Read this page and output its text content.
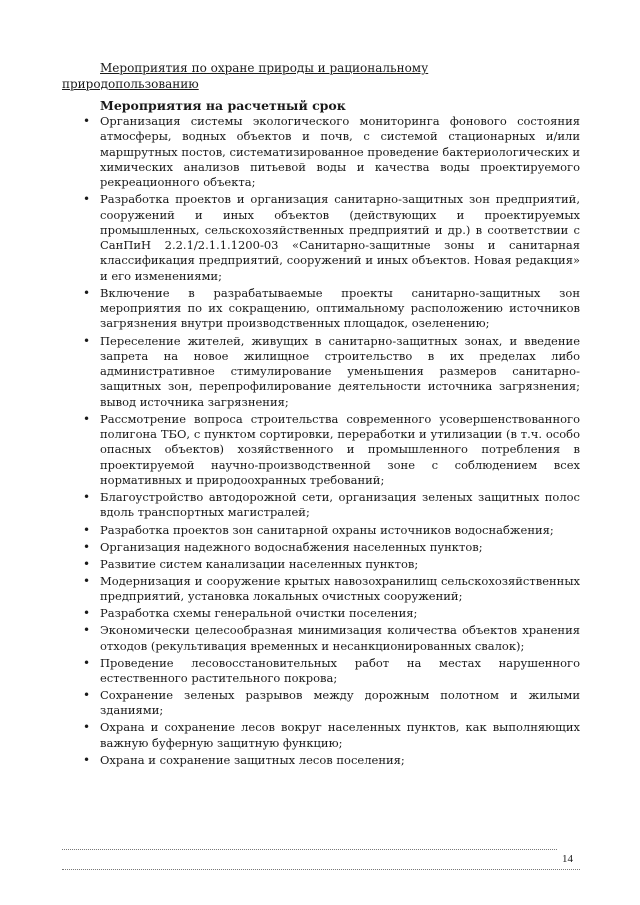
Мероприятия по охране природы и рациональному
природопользованию
Мероприятия на расчетный срок
• Организация системы экологического мониторинга фонового состояния атмосферы, водных объектов и почв, с системой стационарных и/или маршрутных постов, систематизированное проведение бактериологических и химических анализов питьевой воды и качества воды проектируемого рекреационного объекта;
• Разработка проектов и организация санитарно-защитных зон предприятий, сооружений и иных объектов (действующих и проектируемых промышленных, сельскохозяйственных предприятий и др.) в соответствии с СанПиН 2.2.1/2.1.1.1200-03 «Санитарно-защитные зоны и санитарная классификация предприятий, сооружений и иных объектов. Новая редакция» и его изменениями;
• Включение в разрабатываемые проекты санитарно-защитных зон мероприятия по их сокращению, оптимальному расположению источников загрязнения внутри производственных площадок, озеленению;
• Переселение жителей, живущих в санитарно-защитных зонах, и введение запрета на новое жилищное строительство в их пределах либо административное стимулирование уменьшения размеров санитарно-защитных зон, перепрофилирование деятельности источника загрязнения; вывод источника загрязнения;
• Рассмотрение вопроса строительства современного усовершенствованного полигона ТБО, с пунктом сортировки, переработки и утилизации (в т.ч. особо опасных объектов) хозяйственного и промышленного потребления в проектируемой научно-производственной зоне с соблюдением всех нормативных и природоохранных требований;
• Благоустройство автодорожной сети, организация зеленых защитных полос вдоль транспортных магистралей;
• Разработка проектов зон санитарной охраны источников водоснабжения;
• Организация надежного водоснабжения населенных пунктов;
• Развитие систем канализации населенных пунктов;
• Модернизация и сооружение крытых навозохранилищ сельскохозяйственных предприятий, установка локальных очистных сооружений;
• Разработка схемы генеральной очистки поселения;
• Экономически целесообразная минимизация количества объектов хранения отходов (рекультивация временных и несанкционированных свалок);
• Проведение лесовосстановительных работ на местах нарушенного естественного растительного покрова;
• Сохранение зеленых разрывов между дорожным полотном и жилыми зданиями;
• Охрана и сохранение лесов вокруг населенных пунктов, как выполняющих важную буферную защитную функцию;
• Охрана и сохранение защитных лесов поселения;
14
